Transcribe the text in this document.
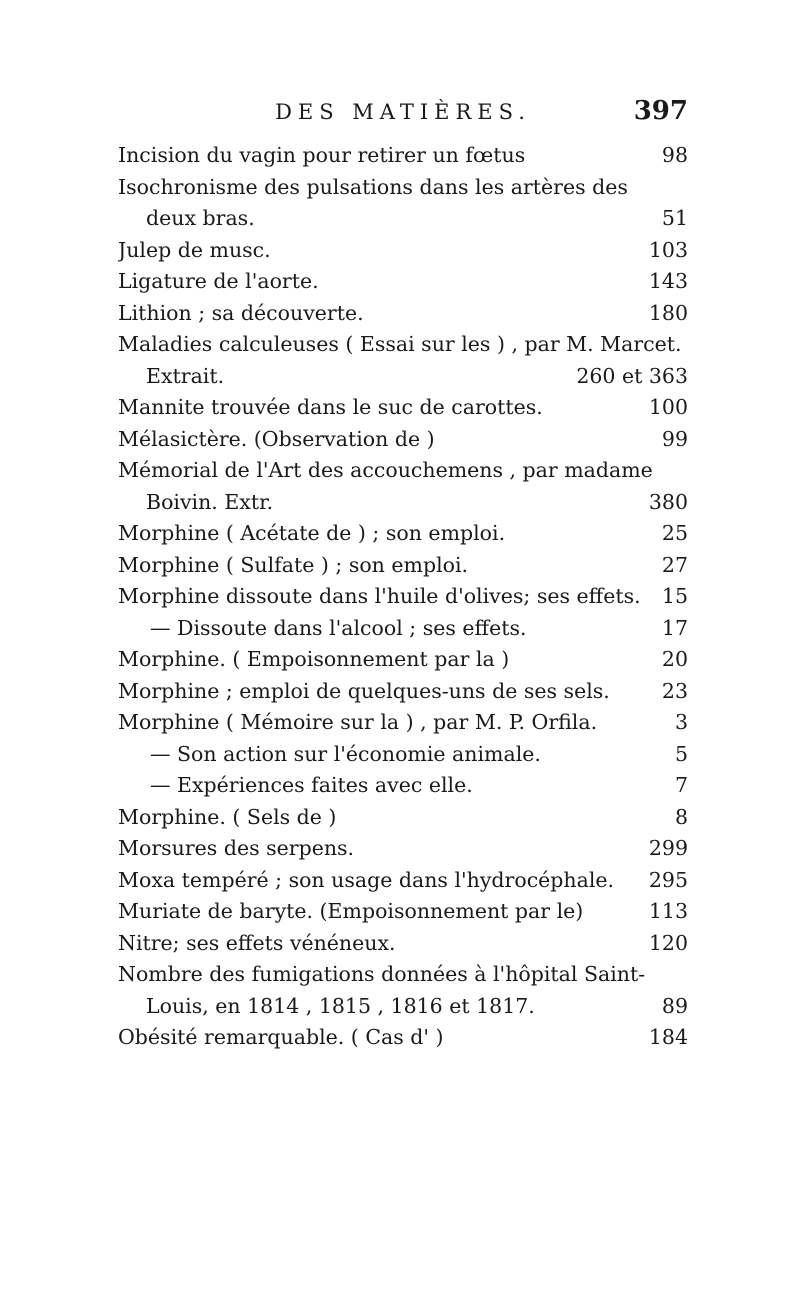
DES MATIÈRES.	397
Incision du vagin pour retirer un fœtus	98
Isochronisme des pulsations dans les artères des
deux bras.	51
Julep de musc.	103
Ligature de l'aorte.	143
Lithion ; sa découverte.	180
Maladies calculeuses ( Essai sur les ) , par M. Marcet.
Extrait.	260 et 363
Mannite trouvée dans le suc de carottes.	100
Mélasictère. (Observation de )	99
Mémorial de l'Art des accouchemens , par madame
Boivin. Extr.	380
Morphine ( Acétate de ) ; son emploi.	25
Morphine ( Sulfate ) ; son emploi.	27
Morphine dissoute dans l'huile d'olives; ses effets.	15
— Dissoute dans l'alcool ; ses effets.	17
Morphine. ( Empoisonnement par la )	20
Morphine ; emploi de quelques-uns de ses sels.	23
Morphine ( Mémoire sur la ) , par M. P. Orfila.	3
— Son action sur l'économie animale.	5
— Expériences faites avec elle.	7
Morphine. ( Sels de )	8
Morsures des serpens.	299
Moxa tempéré ; son usage dans l'hydrocéphale.	295
Muriate de baryte. (Empoisonnement par le)	113
Nitre; ses effets vénéneux.	120
Nombre des fumigations données à l'hôpital Saint-
Louis, en 1814 , 1815 , 1816 et 1817.	89
Obésité remarquable. ( Cas d' )	184
